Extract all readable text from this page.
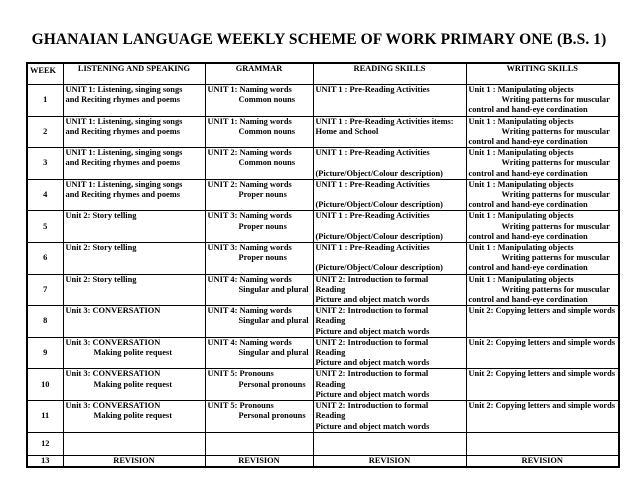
GHANAIAN LANGUAGE WEEKLY SCHEME OF WORK PRIMARY ONE (B.S. 1)
WEEK	LISTENING AND SPEAKING	GRAMMAR	READING SKILLS	WRITING SKILLS
1	UNIT 1: Listening, singing songs
and Reciting rhymes and poems	UNIT 1: Naming words
Common nouns	UNIT 1 : Pre-Reading Activities	Unit 1 : Manipulating objects
Writing patterns for muscular
control and hand-eye cordination

2	UNIT 1: Listening, singing songs
and Reciting rhymes and poems	UNIT 1: Naming words
Common nouns	UNIT 1 : Pre-Reading Activities items:
Home and School	Unit 1 : Manipulating objects
Writing patterns for muscular
control and hand-eye cordination

3	UNIT 1: Listening, singing songs
and Reciting rhymes and poems	UNIT 2: Naming words
Common nouns	UNIT 1 : Pre-Reading Activities
(Picture/Object/Colour description)	Unit 1 : Manipulating objects
Writing patterns for muscular
control and hand-eye cordination

4	UNIT 1: Listening, singing songs
and Reciting rhymes and poems	UNIT 2: Naming words
Proper nouns	UNIT 1 : Pre-Reading Activities
(Picture/Object/Colour description)	Unit 1 : Manipulating objects
Writing patterns for muscular
control and hand-eye cordination

5	Unit 2: Story telling	UNIT 3: Naming words
Proper nouns	UNIT 1 : Pre-Reading Activities
(Picture/Object/Colour description)	Unit 1 : Manipulating objects
Writing patterns for muscular
control and hand-eye cordination

6	Unit 2: Story telling	UNIT 3: Naming words
Proper nouns	UNIT 1 : Pre-Reading Activities
(Picture/Object/Colour description)	Unit 1 : Manipulating objects
Writing patterns for muscular
control and hand-eye cordination

7	Unit 2: Story telling	UNIT 4: Naming words
Singular and plural	UNIT 2: Introduction to formal
Reading
Picture and object match words	Unit 1 : Manipulating objects
Writing patterns for muscular
control and hand-eye cordination

8	Unit 3: CONVERSATION	UNIT 4: Naming words
Singular and plural	UNIT 2: Introduction to formal
Reading
Picture and object match words	Unit 2: Copying letters and simple words

9	Unit 3: CONVERSATION
Making polite request	UNIT 4: Naming words
Singular and plural	UNIT 2: Introduction to formal
Reading
Picture and object match words	Unit 2: Copying letters and simple words

10	Unit 3: CONVERSATION
Making polite request	UNIT 5: Pronouns
Personal pronouns	UNIT 2: Introduction to formal
Reading
Picture and object match words	Unit 2: Copying letters and simple words

11	Unit 3: CONVERSATION
Making polite request	UNIT 5: Pronouns
Personal pronouns	UNIT 2: Introduction to formal
Reading
Picture and object match words	Unit 2: Copying letters and simple words

12				
13	REVISION	REVISION	REVISION	REVISION
